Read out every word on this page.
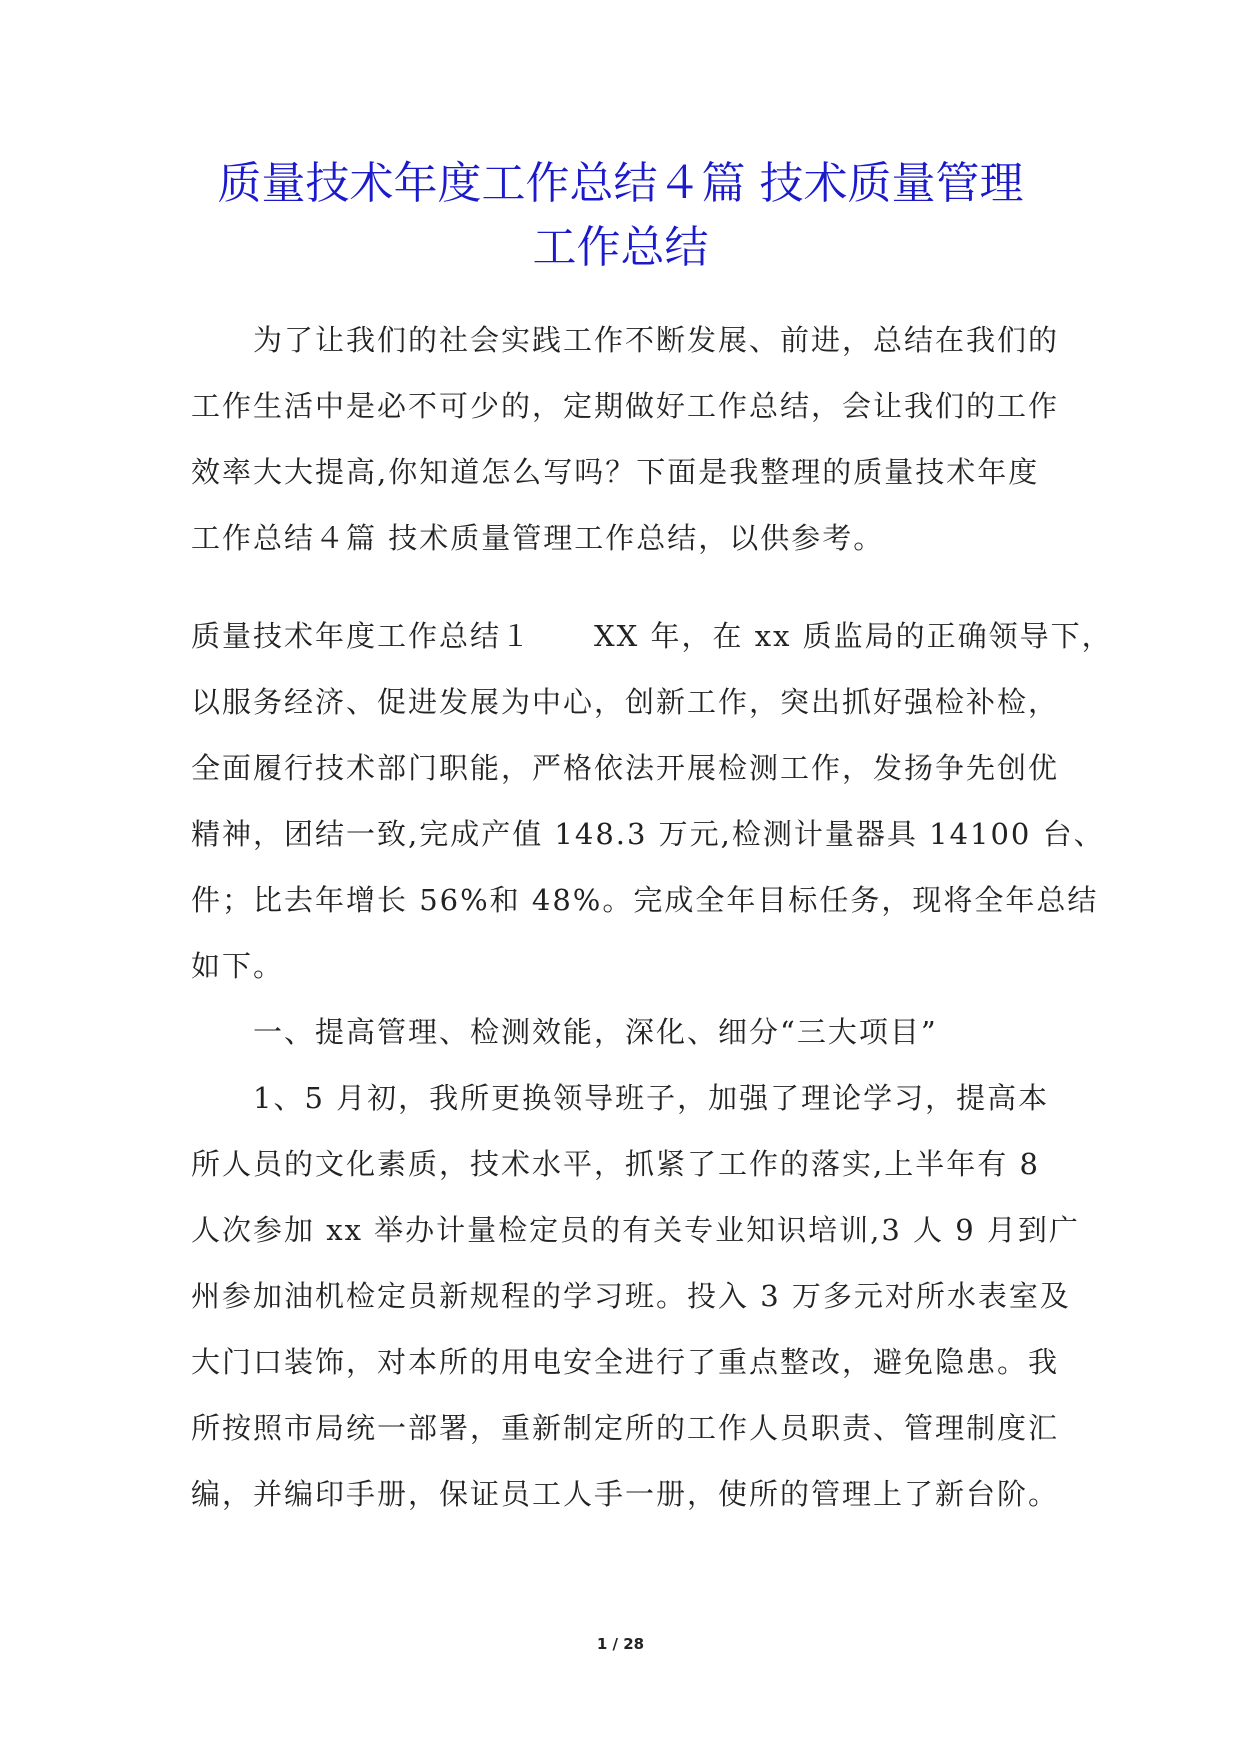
质量技术年度工作总结４篇 技术质量管理
工作总结
　　为了让我们的社会实践工作不断发展、前进，总结在我们的
工作生活中是必不可少的，定期做好工作总结，会让我们的工作
效率大大提高,你知道怎么写吗？下面是我整理的质量技术年度
工作总结４篇 技术质量管理工作总结，以供参考。
质量技术年度工作总结１　　XX 年，在 xx 质监局的正确领导下，
以服务经济、促进发展为中心，创新工作，突出抓好强检补检，
全面履行技术部门职能，严格依法开展检测工作，发扬争先创优
精神，团结一致,完成产值 148.3 万元,检测计量器具 14100 台、
件；比去年增长 56%和 48%。完成全年目标任务，现将全年总结
如下。
　　一、提高管理、检测效能，深化、细分“三大项目”
　　1、5 月初，我所更换领导班子，加强了理论学习，提高本
所人员的文化素质，技术水平，抓紧了工作的落实,上半年有 8
人次参加 xx 举办计量检定员的有关专业知识培训,3 人 9 月到广
州参加油机检定员新规程的学习班。投入 3 万多元对所水表室及
大门口装饰，对本所的用电安全进行了重点整改，避免隐患。我
所按照市局统一部署，重新制定所的工作人员职责、管理制度汇
编，并编印手册，保证员工人手一册，使所的管理上了新台阶。
1 / 28
